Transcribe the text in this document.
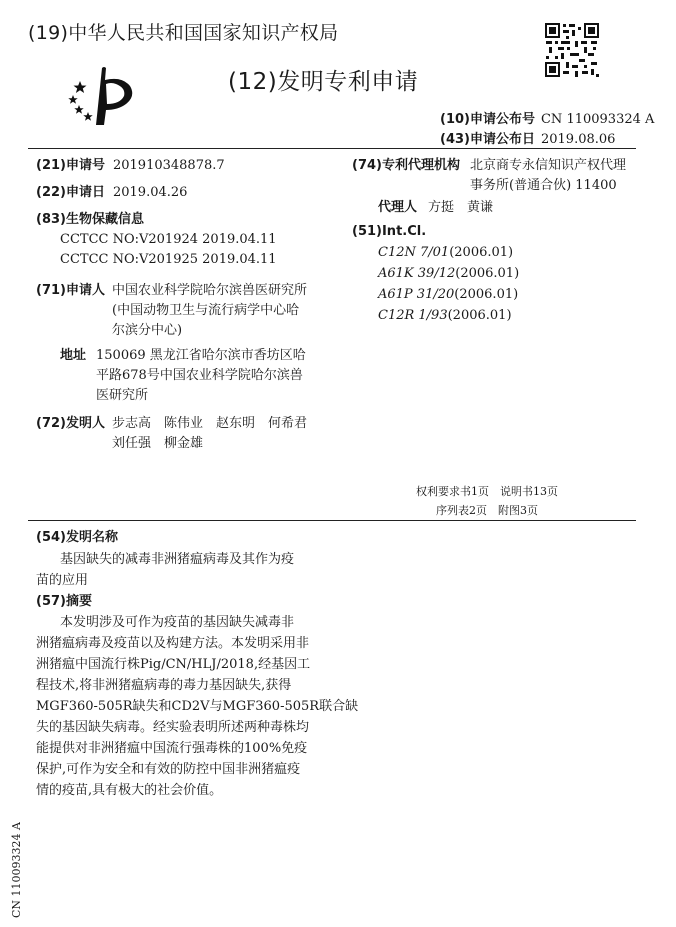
(19)中华人民共和国国家知识产权局
(12)发明专利申请
(10)申请公布号 CN 110093324 A
(43)申请公布日 2019.08.06
(21)申请号 201910348878.7
(22)申请日 2019.04.26
(83)生物保藏信息
CCTCC NO:V201924 2019.04.11
CCTCC NO:V201925 2019.04.11
(71)申请人 中国农业科学院哈尔滨兽医研究所
(中国动物卫生与流行病学中心哈
尔滨分中心)
地址 150069 黑龙江省哈尔滨市香坊区哈
平路678号中国农业科学院哈尔滨兽
医研究所
(72)发明人 步志高　陈伟业　赵东明　何希君
刘任强　柳金雄
(74)专利代理机构 北京商专永信知识产权代理
事务所(普通合伙) 11400
代理人 方挺　黄谦
(51)Int.Cl.
C12N 7/01(2006.01)
A61K 39/12(2006.01)
A61P 31/20(2006.01)
C12R 1/93(2006.01)
权利要求书1页　说明书13页
序列表2页　附图3页
(54)发明名称
基因缺失的减毒非洲猪瘟病毒及其作为疫
苗的应用
(57)摘要
本发明涉及可作为疫苗的基因缺失减毒非
洲猪瘟病毒及疫苗以及构建方法。本发明采用非
洲猪瘟中国流行株Pig/CN/HLJ/2018,经基因工
程技术,将非洲猪瘟病毒的毒力基因缺失,获得
MGF360-505R缺失和CD2V与MGF360-505R联合缺
失的基因缺失病毒。经实验表明所述两种毒株均
能提供对非洲猪瘟中国流行强毒株的100%免疫
保护,可作为安全和有效的防控中国非洲猪瘟疫
情的疫苗,具有极大的社会价值。
CN 110093324 A
